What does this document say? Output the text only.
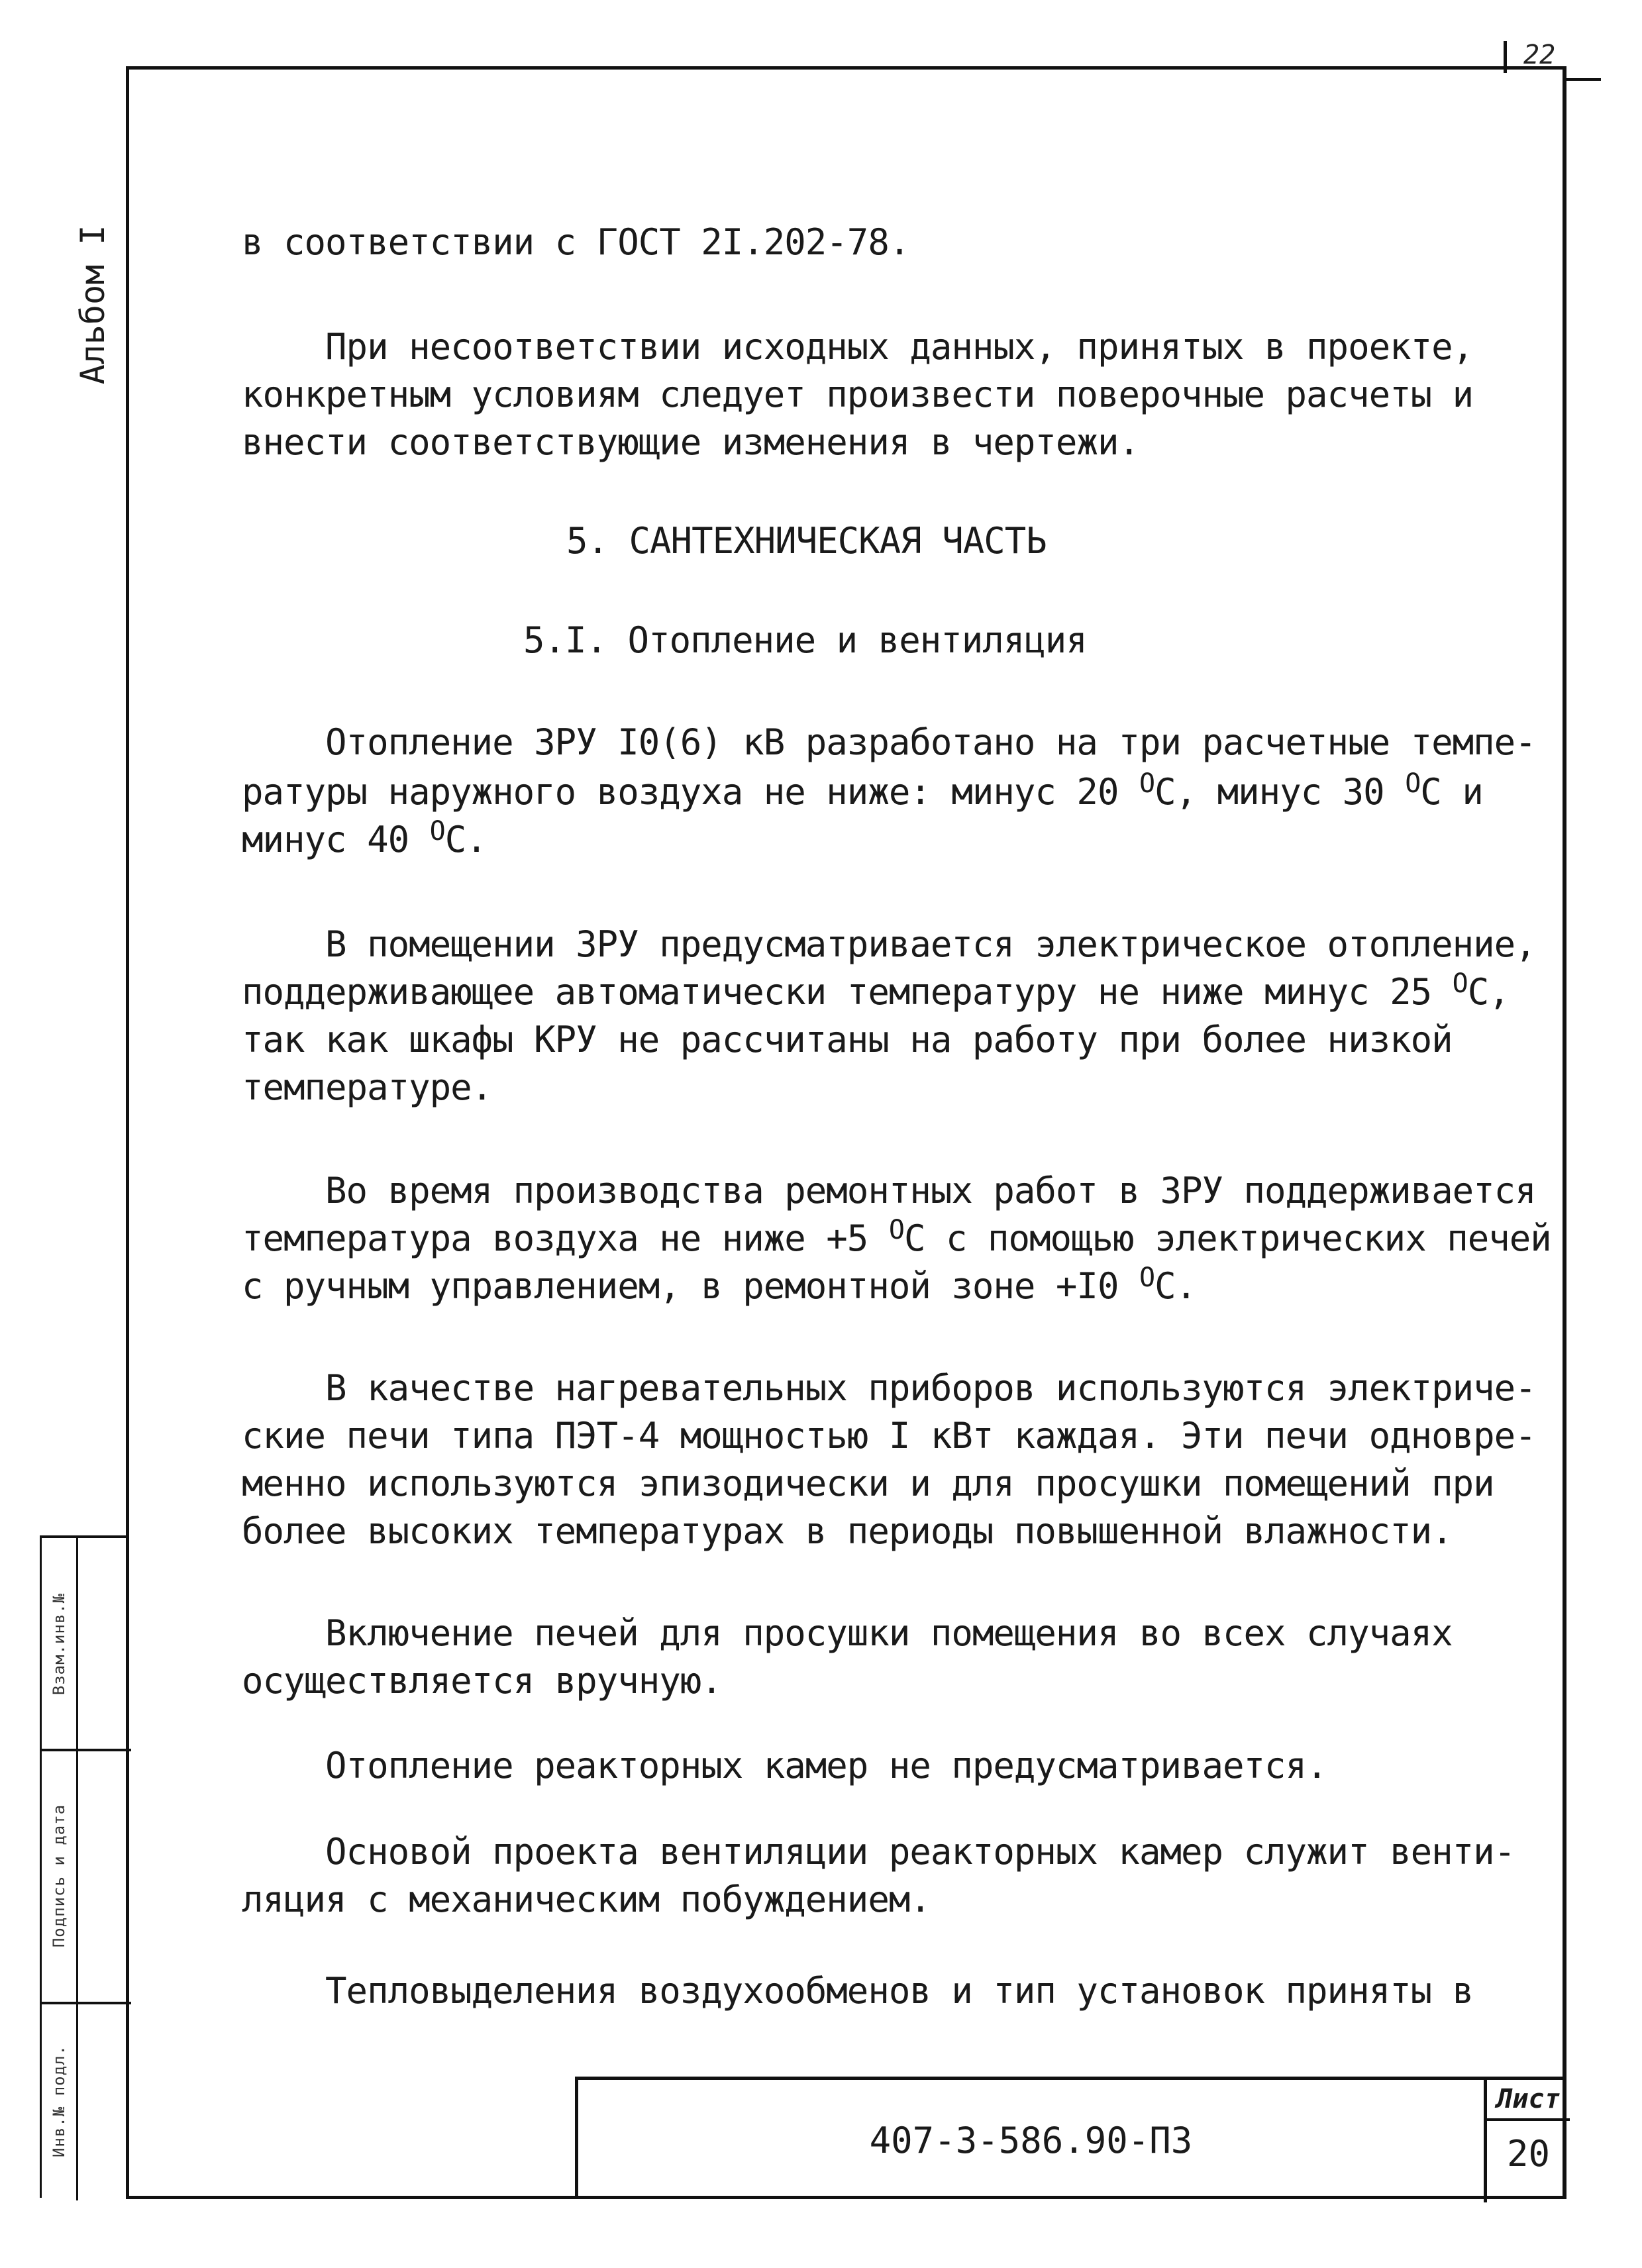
22
Альбом I
Взам.инв.№
Подпись и дата
Инв.№ подл.
в соответствии с ГОСТ 2I.202-78.
При несоответствии исходных данных, принятых в проекте,
конкретным условиям следует произвести поверочные расчеты и
внести соответствующие изменения в чертежи.
5. САНТЕХНИЧЕСКАЯ ЧАСТЬ
5.I. Отопление и вентиляция
Отопление ЗРУ I0(6) кВ разработано на три расчетные темпе-
ратуры наружного воздуха не ниже: минус 20 $^О$С, минус 30 $^О$С и
минус 40 $^О$С.
В помещении ЗРУ предусматривается электрическое отопление,
поддерживающее автоматически температуру не ниже минус 25 $^О$С,
так как шкафы КРУ не рассчитаны на работу при более низкой
температуре.
Во время производства ремонтных работ в ЗРУ поддерживается
температура воздуха не ниже +5 $^О$С с помощью электрических печей
с ручным управлением, в ремонтной зоне +I0 $^О$С.
В качестве нагревательных приборов используются электриче-
ские печи типа ПЭТ-4 мощностью I кВт каждая. Эти печи одновре-
менно используются эпизодически и для просушки помещений при
более высоких температурах в периоды повышенной влажности.
Включение печей для просушки помещения во всех случаях
осуществляется вручную.
Отопление реакторных камер не предусматривается.
Основой проекта вентиляции реакторных камер служит венти-
ляция с механическим побуждением.
Тепловыделения воздухообменов и тип установок приняты в
407-3-586.90-ПЗ
Лист
20
